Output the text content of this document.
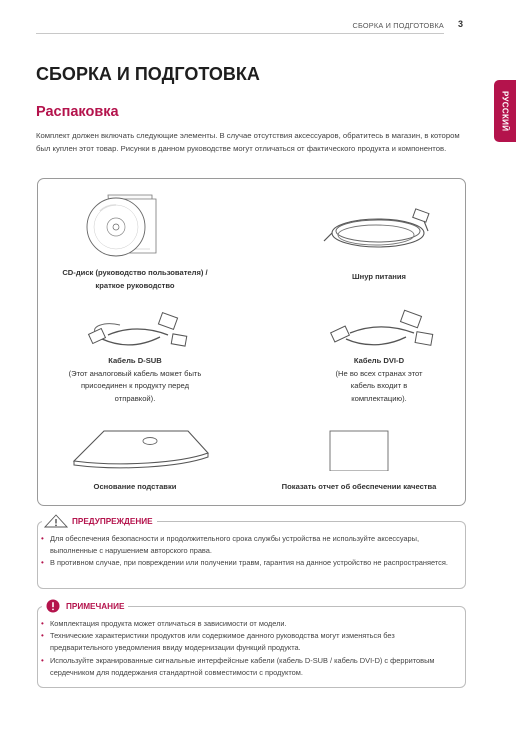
СБОРКА И ПОДГОТОВКА 3
РУССКИЙ
СБОРКА И ПОДГОТОВКА
Распаковка

Комплект должен включать следующие элементы. В случае отсутствия аксессуаров, обратитесь в магазин, в котором был куплен этот товар. Рисунки в данном руководстве могут отличаться от фактического продукта и компонентов.

CD-диск (руководство пользователя) / краткое руководство
Шнур питания
Кабель D-SUB
(Этот аналоговый кабель может быть присоединен к продукту перед отправкой).
Кабель DVI-D
(Не во всех странах этот кабель входит в комплектацию).
Основание подставки	Показать отчет об обеспечении качества
ПРЕДУПРЕЖДЕНИЕ
• Для обеспечения безопасности и продолжительного срока службы устройства не используйте аксессуары, выполненные с нарушением авторского права.
• В противном случае, при повреждении или получении травм, гарантия на данное устройство не распространяется.
ПРИМЕЧАНИЕ
• Комплектация продукта может отличаться в зависимости от модели.
• Технические характеристики продуктов или содержимое данного руководства могут изменяться без предварительного уведомления ввиду модернизации функций продукта.
• Используйте экранированные сигнальные интерфейсные кабели (кабель D-SUB / кабель DVI-D) с ферритовым сердечником для поддержания стандартной совместимости с продуктом.
